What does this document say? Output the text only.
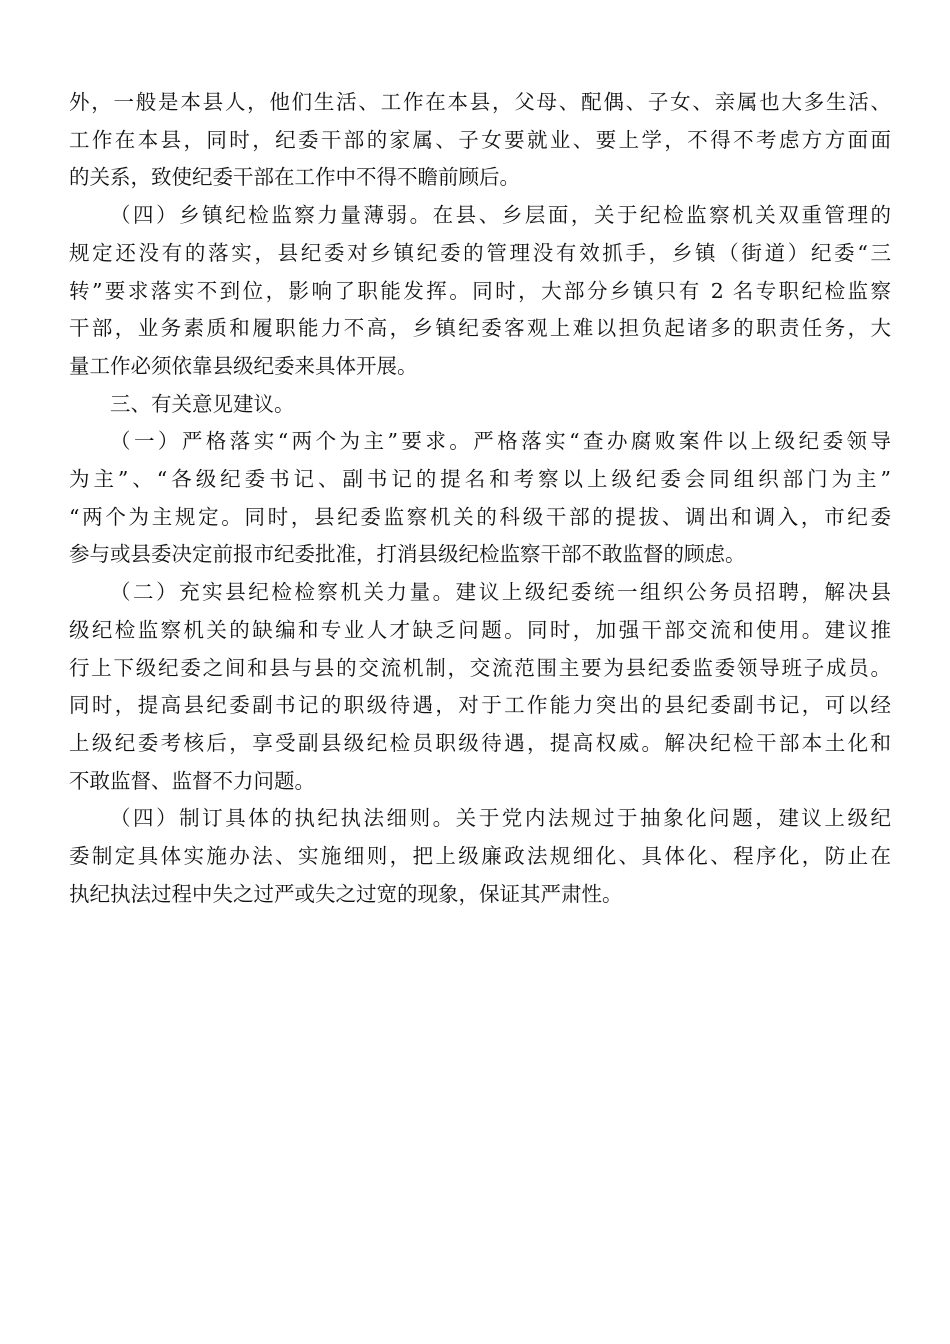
外，一般是本县人，他们生活、工作在本县，父母、配偶、子女、亲属也大多生活、
工作在本县，同时，纪委干部的家属、子女要就业、要上学，不得不考虑方方面面
的关系，致使纪委干部在工作中不得不瞻前顾后。
（四）乡镇纪检监察力量薄弱。在县、乡层面，关于纪检监察机关双重管理的
规定还没有的落实，县纪委对乡镇纪委的管理没有效抓手，乡镇（街道）纪委“三
转”要求落实不到位，影响了职能发挥。同时，大部分乡镇只有 2 名专职纪检监察
干部，业务素质和履职能力不高，乡镇纪委客观上难以担负起诸多的职责任务，大
量工作必须依靠县级纪委来具体开展。
三、有关意见建议。
（一）严格落实“两个为主”要求。严格落实“查办腐败案件以上级纪委领导
为主”、“各级纪委书记、副书记的提名和考察以上级纪委会同组织部门为主”
“两个为主规定。同时，县纪委监察机关的科级干部的提拔、调出和调入，市纪委
参与或县委决定前报市纪委批准，打消县级纪检监察干部不敢监督的顾虑。
（二）充实县纪检检察机关力量。建议上级纪委统一组织公务员招聘，解决县
级纪检监察机关的缺编和专业人才缺乏问题。同时，加强干部交流和使用。建议推
行上下级纪委之间和县与县的交流机制，交流范围主要为县纪委监委领导班子成员。
同时，提高县纪委副书记的职级待遇，对于工作能力突出的县纪委副书记，可以经
上级纪委考核后，享受副县级纪检员职级待遇，提高权威。解决纪检干部本土化和
不敢监督、监督不力问题。
（四）制订具体的执纪执法细则。关于党内法规过于抽象化问题，建议上级纪
委制定具体实施办法、实施细则，把上级廉政法规细化、具体化、程序化，防止在
执纪执法过程中失之过严或失之过宽的现象，保证其严肃性。
